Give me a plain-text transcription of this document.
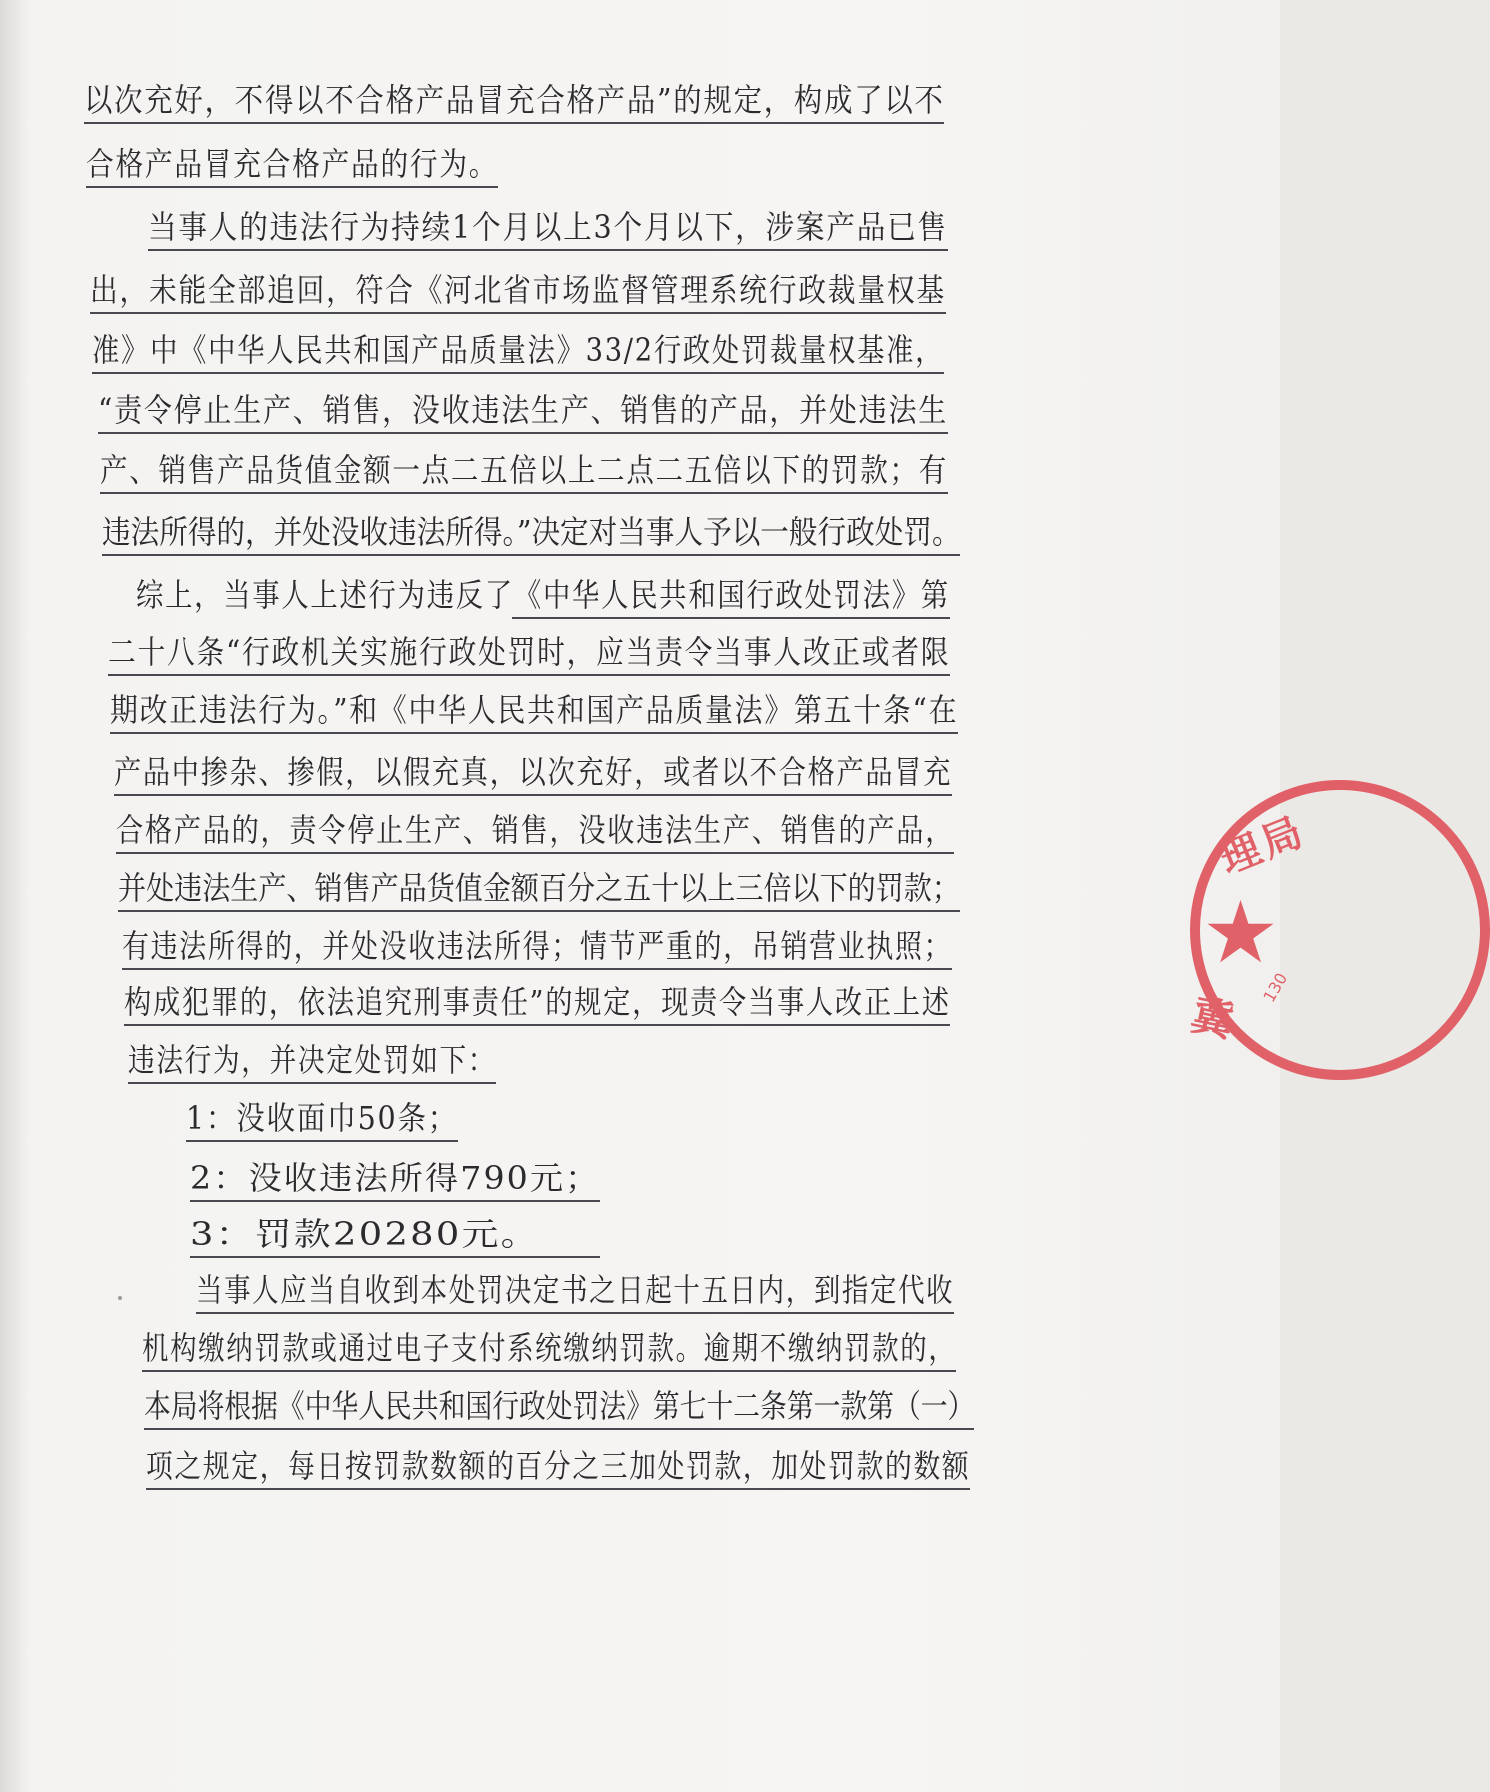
以次充好，不得以不合格产品冒充合格产品”的规定，构成了以不
合格产品冒充合格产品的行为。
当事人的违法行为持续1个月以上3个月以下，涉案产品已售
出，未能全部追回，符合《河北省市场监督管理系统行政裁量权基
准》中《中华人民共和国产品质量法》33/2行政处罚裁量权基准，
“责令停止生产、销售，没收违法生产、销售的产品，并处违法生
产、销售产品货值金额一点二五倍以上二点二五倍以下的罚款；有
违法所得的，并处没收违法所得。”决定对当事人予以一般行政处罚。
综上，当事人上述行为违反了《中华人民共和国行政处罚法》第
二十八条“行政机关实施行政处罚时，应当责令当事人改正或者限
期改正违法行为。”和《中华人民共和国产品质量法》第五十条“在
产品中掺杂、掺假，以假充真，以次充好，或者以不合格产品冒充
合格产品的，责令停止生产、销售，没收违法生产、销售的产品，
并处违法生产、销售产品货值金额百分之五十以上三倍以下的罚款；
有违法所得的，并处没收违法所得；情节严重的，吊销营业执照；
构成犯罪的，依法追究刑事责任”的规定，现责令当事人改正上述
违法行为，并决定处罚如下：
1：没收面巾50条；
2：没收违法所得790元；
3：罚款20280元。
当事人应当自收到本处罚决定书之日起十五日内，到指定代收
机构缴纳罚款或通过电子支付系统缴纳罚款。逾期不缴纳罚款的，
本局将根据《中华人民共和国行政处罚法》第七十二条第一款第（一）
项之规定，每日按罚款数额的百分之三加处罚款，加处罚款的数额
理局
★
冀
130
